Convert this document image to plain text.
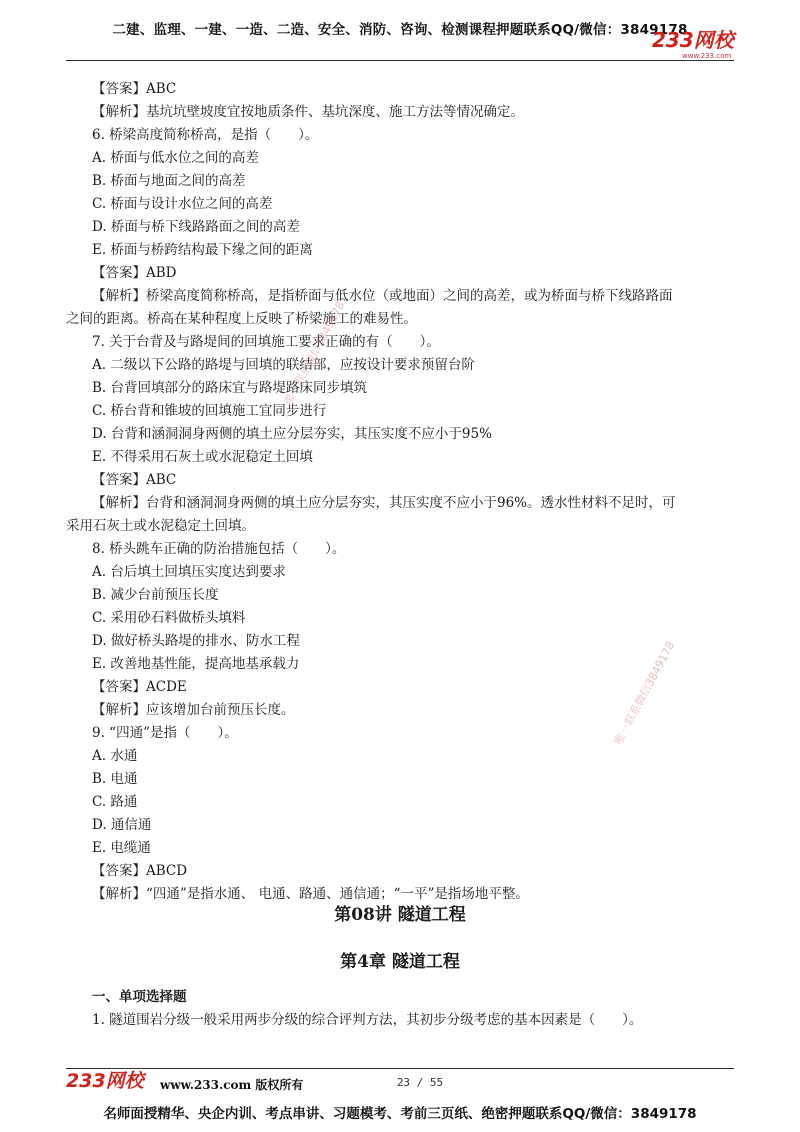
二建、监理、一建、一造、二造、安全、消防、咨询、检测课程押题联系QQ/微信：3849178
233网校
www.233.com
【答案】ABC
【解析】基坑坑壁坡度宜按地质条件、基坑深度、施工方法等情况确定。
6. 桥梁高度简称桥高，是指（　　）。
A. 桥面与低水位之间的高差
B. 桥面与地面之间的高差
C. 桥面与设计水位之间的高差
D. 桥面与桥下线路路面之间的高差
E. 桥面与桥跨结构最下缘之间的距离
【答案】ABD
【解析】桥梁高度简称桥高，是指桥面与低水位（或地面）之间的高差，或为桥面与桥下线路路面
之间的距离。桥高在某种程度上反映了桥梁施工的难易性。
7. 关于台背及与路堤间的回填施工要求正确的有（　　）。
A. 二级以下公路的路堤与回填的联结部，应按设计要求预留台阶
B. 台背回填部分的路床宜与路堤路床同步填筑
C. 桥台背和锥坡的回填施工宜同步进行
D. 台背和涵洞洞身两侧的填土应分层夯实，其压实度不应小于95%
E. 不得采用石灰土或水泥稳定土回填
【答案】ABC
【解析】台背和涵洞洞身两侧的填土应分层夯实，其压实度不应小于96%。透水性材料不足时，可
采用石灰土或水泥稳定土回填。
8. 桥头跳车正确的防治措施包括（　　）。
A. 台后填土回填压实度达到要求
B. 减少台前预压长度
C. 采用砂石料做桥头填料
D. 做好桥头路堤的排水、防水工程
E. 改善地基性能，提高地基承载力
【答案】ACDE
【解析】应该增加台前预压长度。
9. “四通”是指（　　）。
A. 水通
B. 电通
C. 路通
D. 通信通
E. 电缆通
【答案】ABCD
【解析】“四通”是指水通、 电通、路通、通信通；“一平”是指场地平整。
一、单项选择题
1. 隧道围岩分级一般采用两步分级的综合评判方法，其初步分级考虑的基本因素是（　　）。
第08讲 隧道工程
第4章 隧道工程
唯一联系微信3849178
唯一联系微信3849178
233网校 www.233.com 版权所有	23 / 55
名师面授精华、央企内训、考点串讲、习题模考、考前三页纸、绝密押题联系QQ/微信：3849178
